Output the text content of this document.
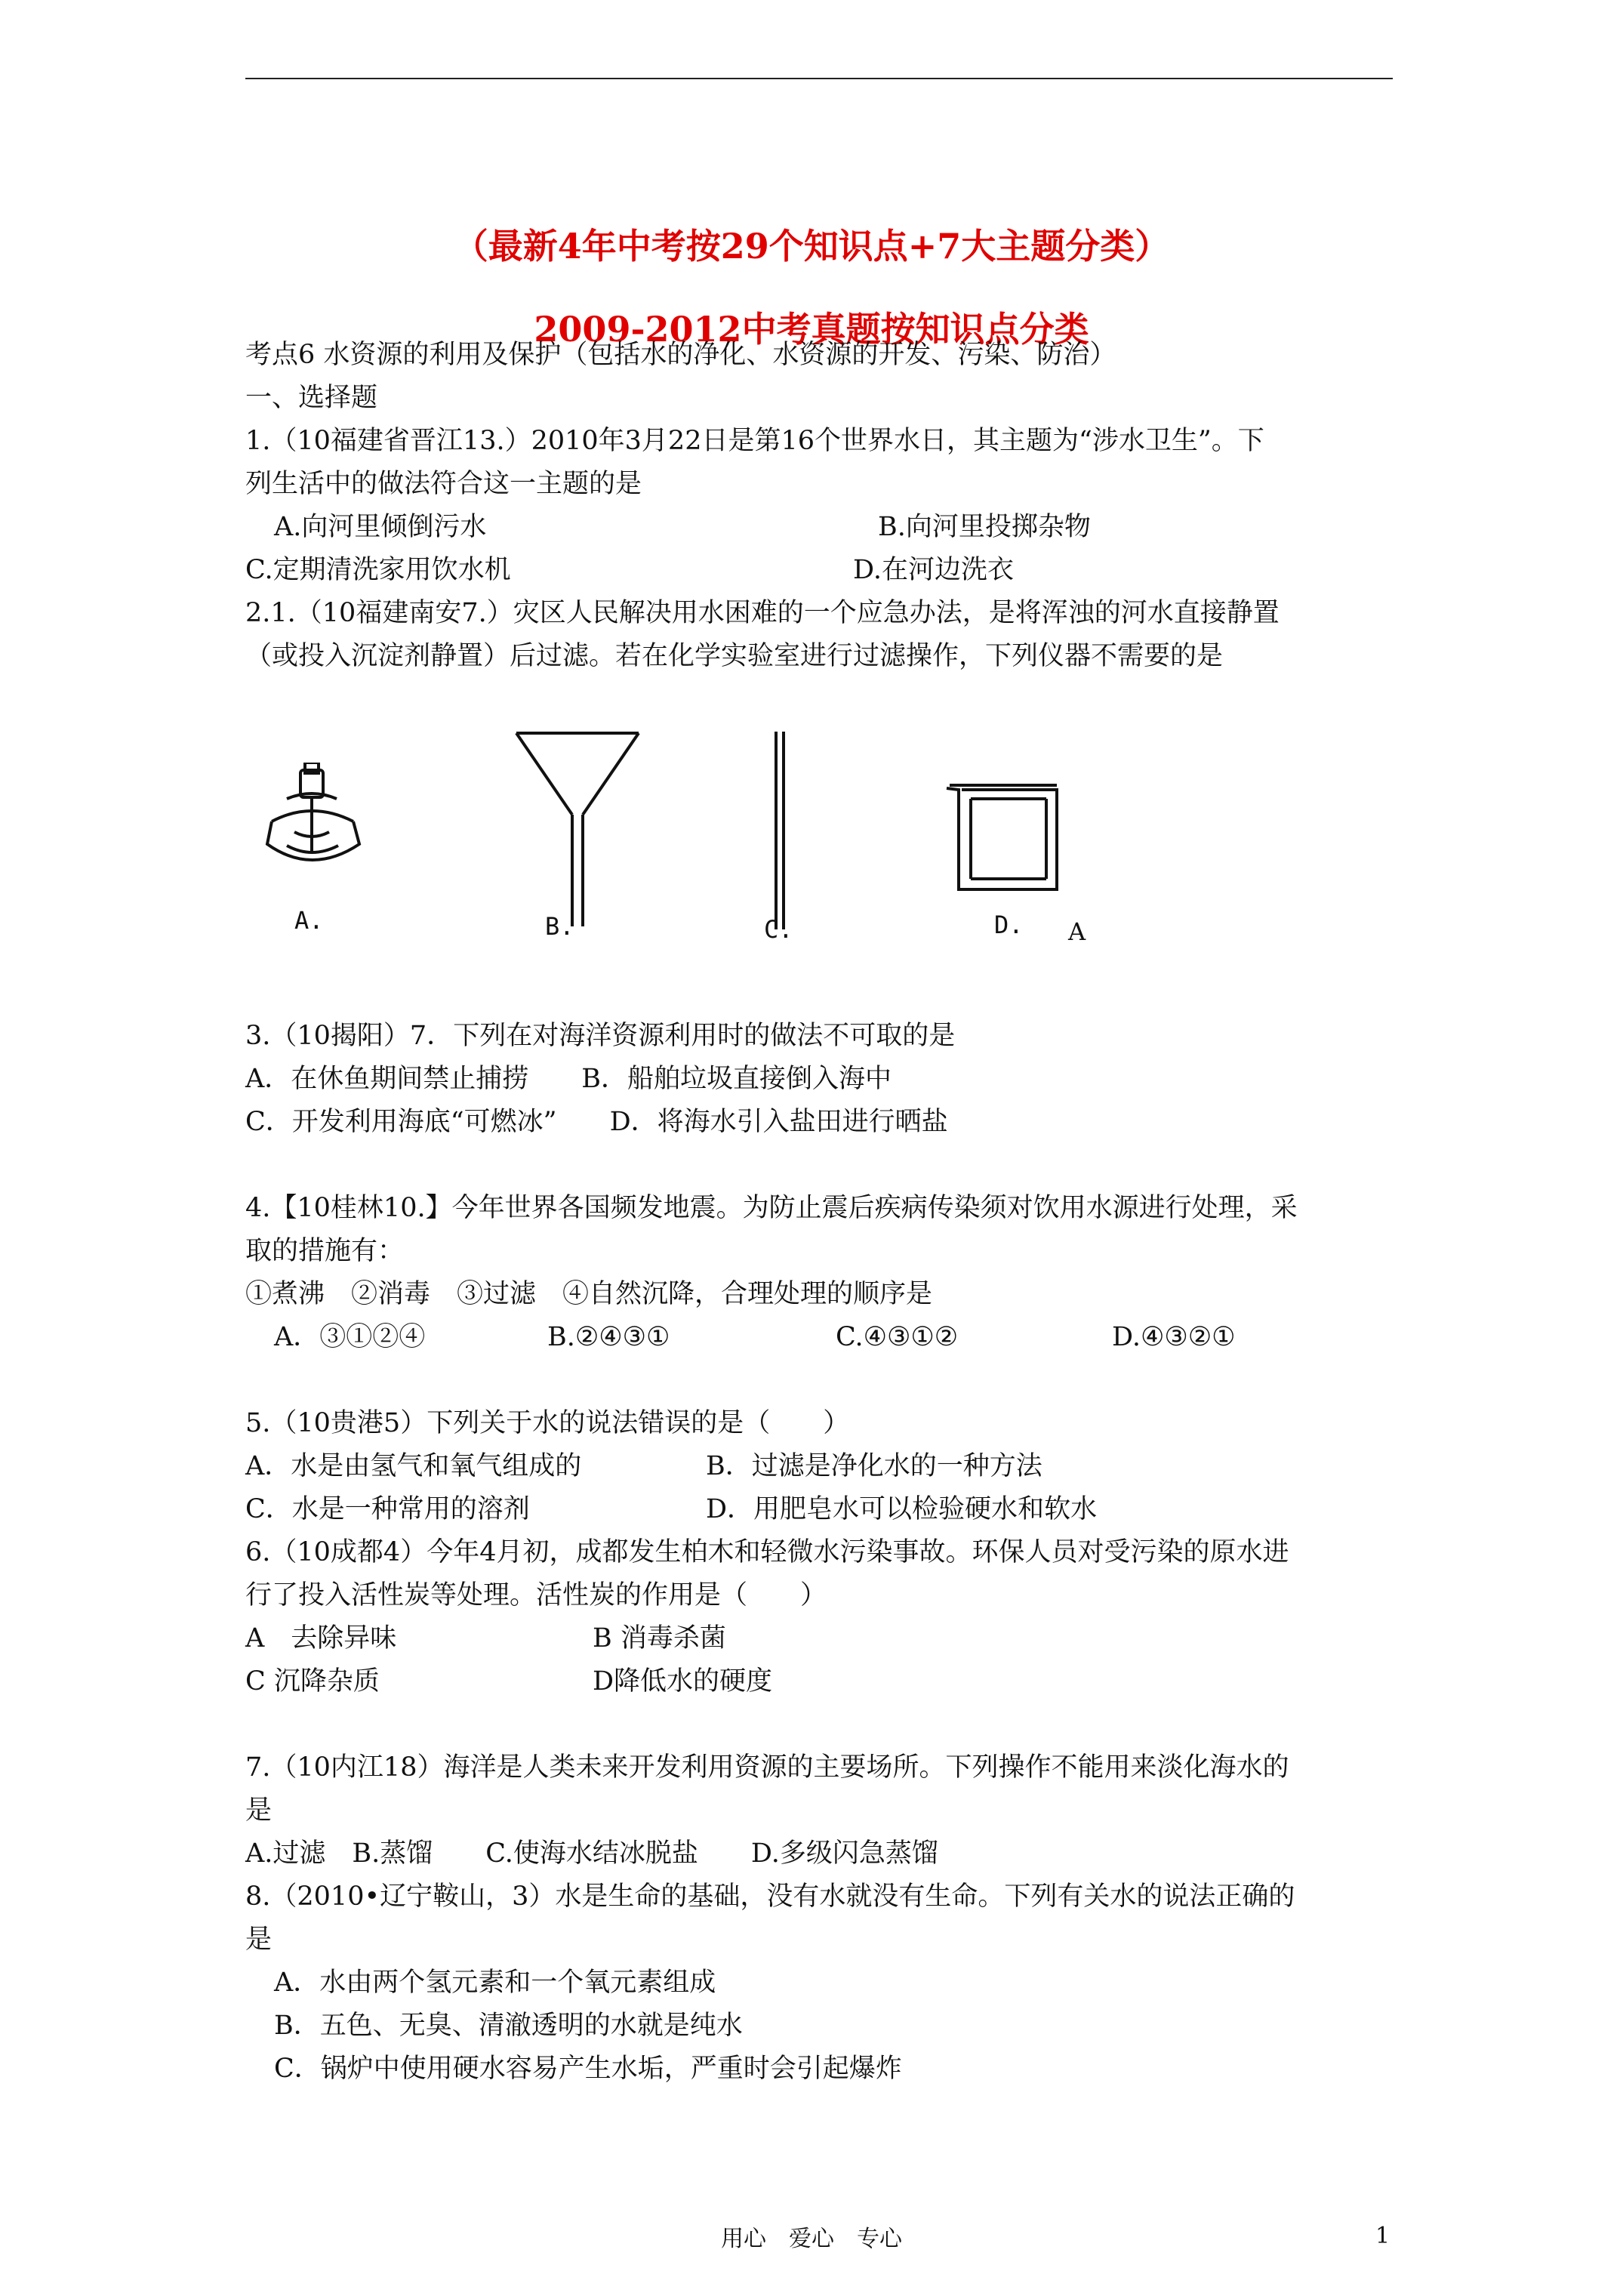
（最新4年中考按29个知识点+7大主题分类）
2009-2012中考真题按知识点分类
考点6 水资源的利用及保护（包括水的净化、水资源的开发、污染、防治）
一、选择题
1.（10福建省晋江13.）2010年3月22日是第16个世界水日，其主题为“涉水卫生”。下
列生活中的做法符合这一主题的是
A.向河里倾倒污水	B.向河里投掷杂物
C.定期清洗家用饮水机	D.在河边洗衣
2.1.（10福建南安7.）灾区人民解决用水困难的一个应急办法，是将浑浊的河水直接静置
（或投入沉淀剂静置）后过滤。若在化学实验室进行过滤操作，下列仪器不需要的是
A.	B.	C.	D. A
3.（10揭阳）7．下列在对海洋资源利用时的做法不可取的是
A．在休鱼期间禁止捕捞　　B．船舶垃圾直接倒入海中
C．开发利用海底“可燃冰”　　D．将海水引入盐田进行晒盐
4.【10桂林10.】今年世界各国频发地震。为防止震后疾病传染须对饮用水源进行处理，采
取的措施有：
①煮沸　②消毒　③过滤　④自然沉降，合理处理的顺序是
A．③①②④	B.②④③①	C.④③①②	D.④③②①
5.（10贵港5）下列关于水的说法错误的是（　　）
A．水是由氢气和氧气组成的	B．过滤是净化水的一种方法
C．水是一种常用的溶剂	D．用肥皂水可以检验硬水和软水
6.（10成都4）今年4月初，成都发生柏木和轻微水污染事故。环保人员对受污染的原水进
行了投入活性炭等处理。活性炭的作用是（　　）
A　去除异味	B 消毒杀菌
C 沉降杂质	D降低水的硬度
7.（10内江18）海洋是人类未来开发利用资源的主要场所。下列操作不能用来淡化海水的
是
A.过滤　B.蒸馏　　C.使海水结冰脱盐　　D.多级闪急蒸馏
8.（2010•辽宁鞍山，3）水是生命的基础，没有水就没有生命。下列有关水的说法正确的
是
A．水由两个氢元素和一个氧元素组成
B．五色、无臭、清澈透明的水就是纯水
C．锅炉中使用硬水容易产生水垢，严重时会引起爆炸
用心　爱心　专心	1
